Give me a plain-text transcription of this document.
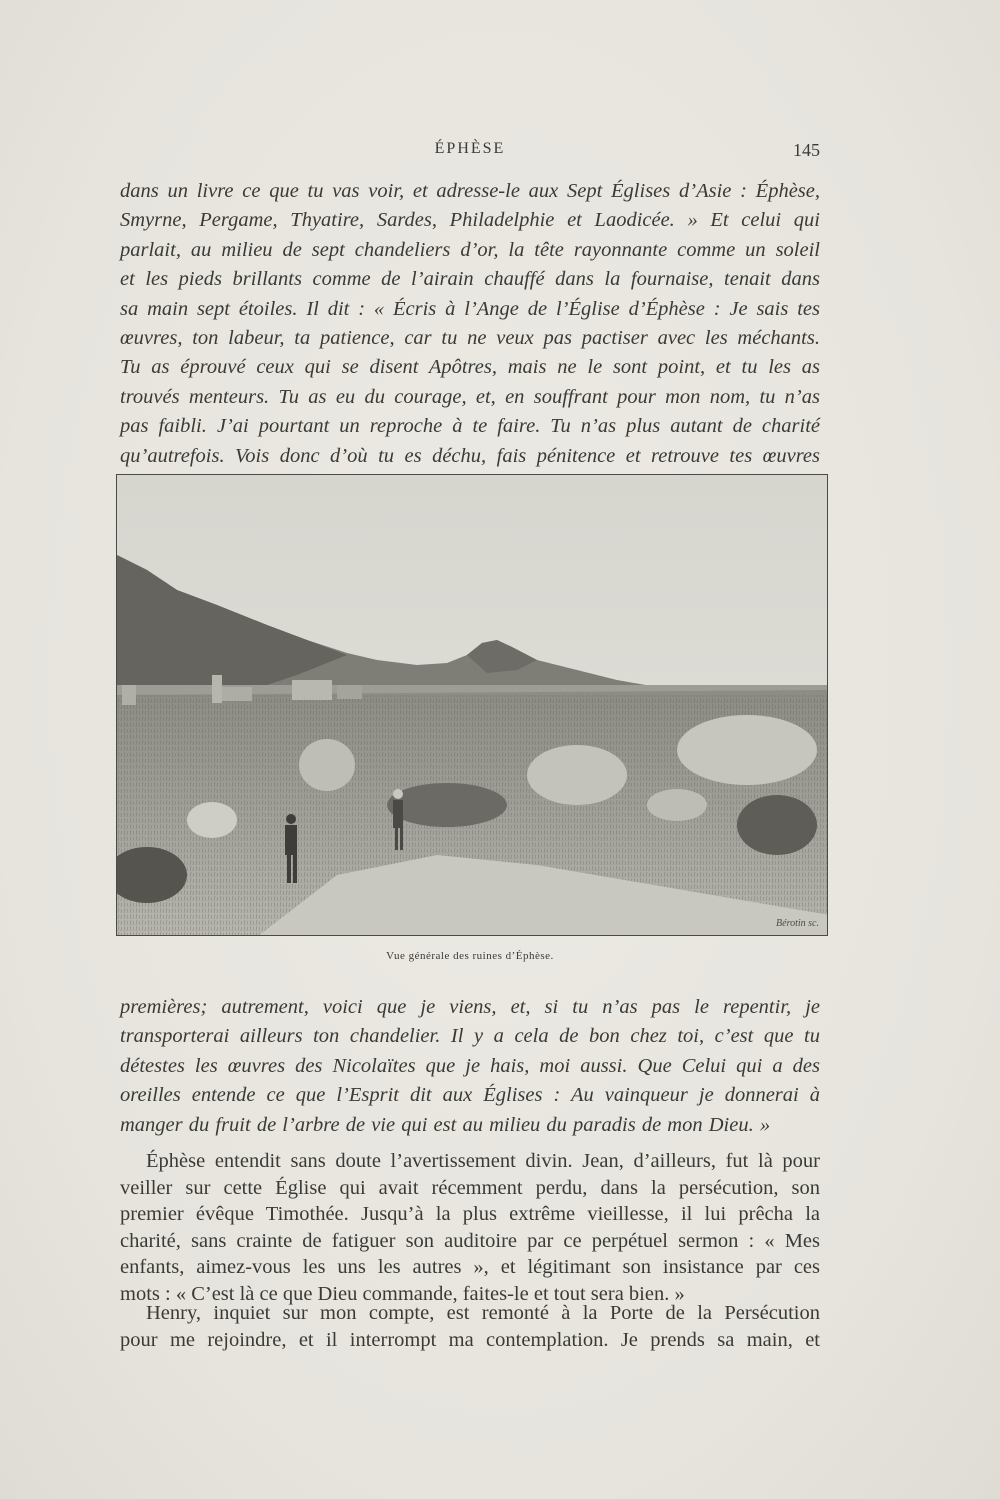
ÉPHÈSE	145

dans un livre ce que tu vas voir, et adresse-le aux Sept Églises d’Asie : Éphèse,
Smyrne, Pergame, Thyatire, Sardes, Philadelphie et Laodicée. » Et celui qui
parlait, au milieu de sept chandeliers d’or, la tête rayonnante comme un soleil
et les pieds brillants comme de l’airain chauffé dans la fournaise, tenait dans
sa main sept étoiles. Il dit : « Écris à l’Ange de l’Église d’Éphèse : Je sais tes
œuvres, ton labeur, ta patience, car tu ne veux pas pactiser avec les méchants.
Tu as éprouvé ceux qui se disent Apôtres, mais ne le sont point, et tu les as
trouvés menteurs. Tu as eu du courage, et, en souffrant pour mon nom, tu n’as
pas faibli. J’ai pourtant un reproche à te faire. Tu n’as plus autant de charité
qu’autrefois. Vois donc d’où tu es déchu, fais pénitence et retrouve tes œuvres

Bérotin sc.
Vue générale des ruines d’Éphèse.

premières; autrement, voici que je viens, et, si tu n’as pas le repentir, je
transporterai ailleurs ton chandelier. Il y a cela de bon chez toi, c’est que tu
détestes les œuvres des Nicolaïtes que je hais, moi aussi. Que Celui qui a des
oreilles entende ce que l’Esprit dit aux Églises : Au vainqueur je donnerai à
manger du fruit de l’arbre de vie qui est au milieu du paradis de mon Dieu. »

Éphèse entendit sans doute l’avertissement divin. Jean, d’ailleurs, fut là pour
veiller sur cette Église qui avait récemment perdu, dans la persécution, son
premier évêque Timothée. Jusqu’à la plus extrême vieillesse, il lui prêcha la
charité, sans crainte de fatiguer son auditoire par ce perpétuel sermon : « Mes
enfants, aimez-vous les uns les autres », et légitimant son insistance par ces
mots : « C’est là ce que Dieu commande, faites-le et tout sera bien. »

Henry, inquiet sur mon compte, est remonté à la Porte de la Persécution
pour me rejoindre, et il interrompt ma contemplation. Je prends sa main, et
